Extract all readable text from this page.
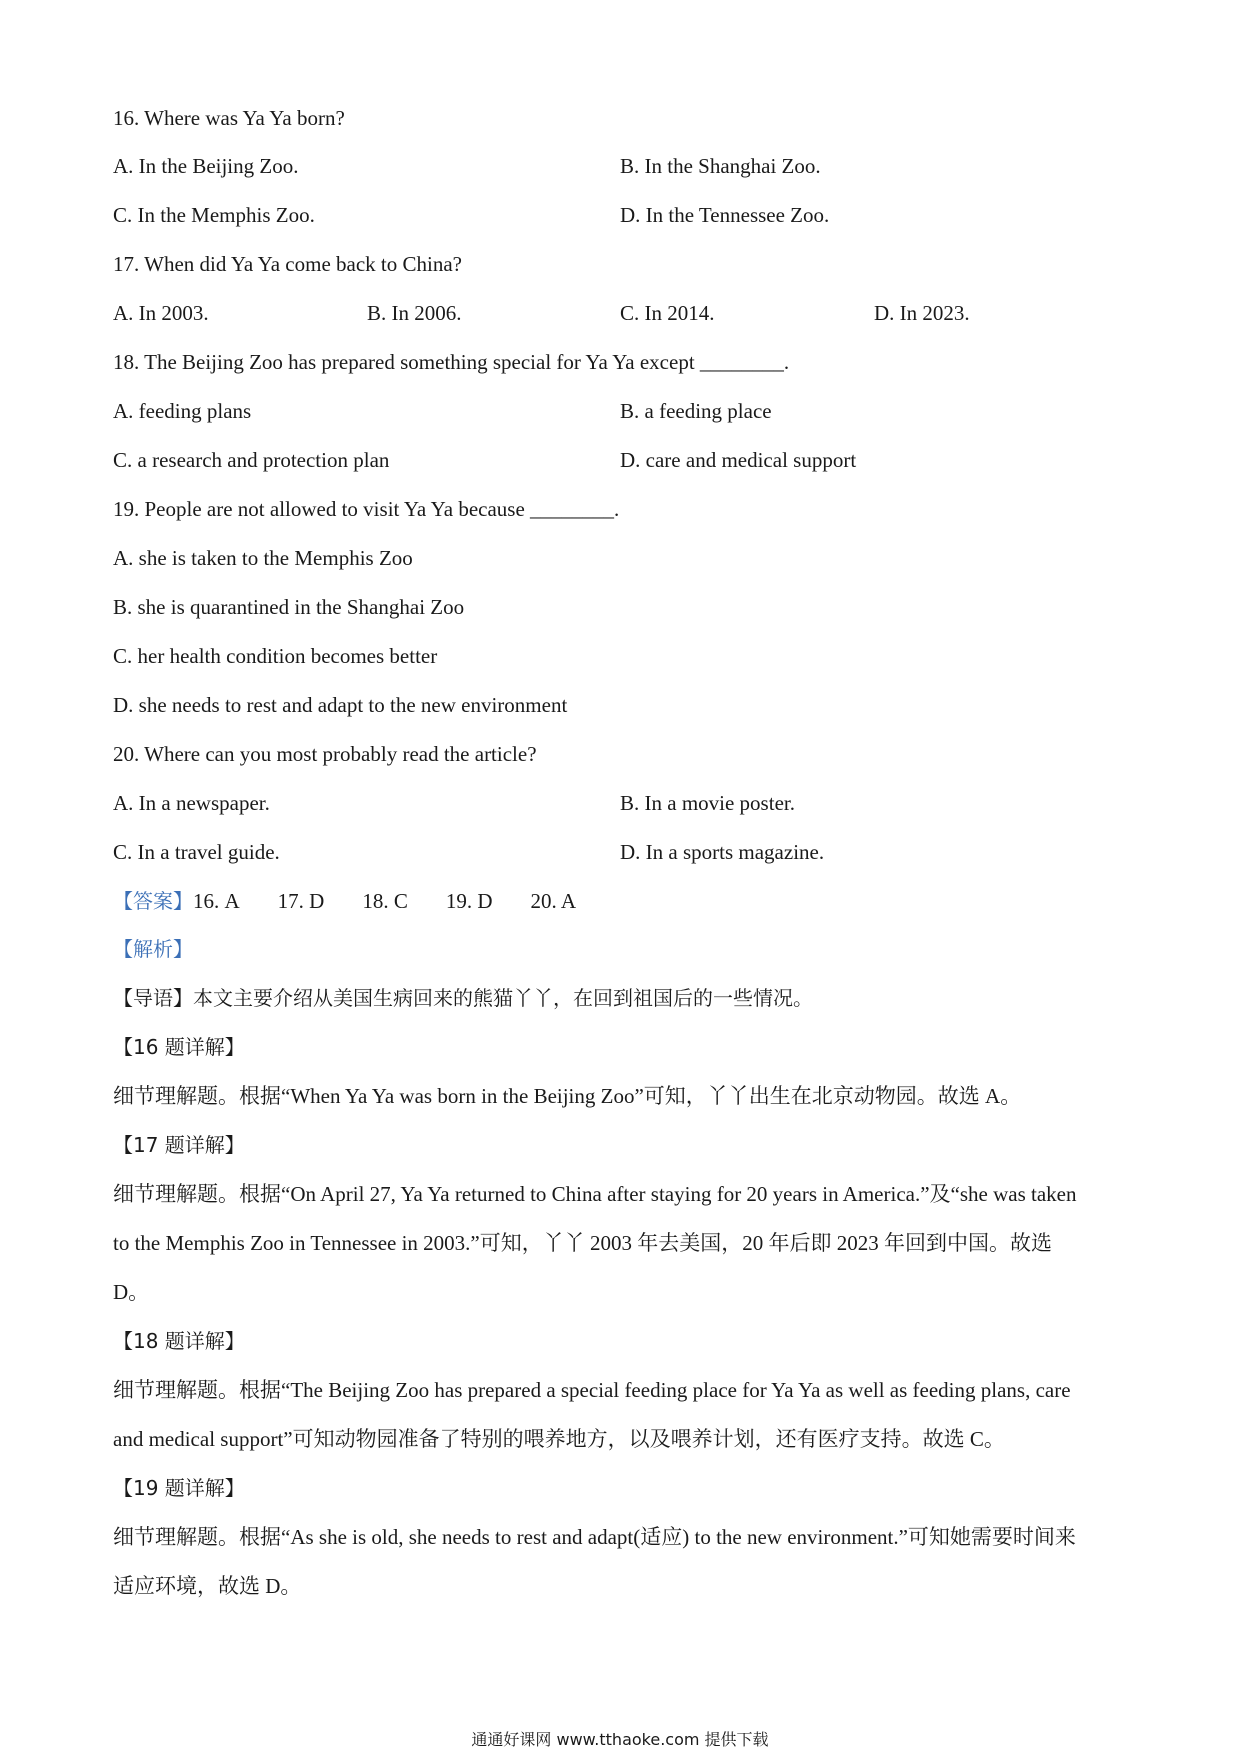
16. Where was Ya Ya born?
A. In the Beijing Zoo.	B. In the Shanghai Zoo.
C. In the Memphis Zoo.	D. In the Tennessee Zoo.
17. When did Ya Ya come back to China?
A. In 2003.	B. In 2006.	C. In 2014.	D. In 2023.
18. The Beijing Zoo has prepared something special for Ya Ya except ________.
A. feeding plans	B. a feeding place
C. a research and protection plan	D. care and medical support
19. People are not allowed to visit Ya Ya because ________.
A. she is taken to the Memphis Zoo
B. she is quarantined in the Shanghai Zoo
C. her health condition becomes better
D. she needs to rest and adapt to the new environment
20. Where can you most probably read the article?
A. In a newspaper.	B. In a movie poster.
C. In a travel guide.	D. In a sports magazine.
【答案】16. A 17. D 18. C 19. D 20. A
【解析】
【导语】本文主要介绍从美国生病回来的熊猫丫丫，在回到祖国后的一些情况。
【16 题详解】
细节理解题。根据“When Ya Ya was born in the Beijing Zoo”可知，丫丫出生在北京动物园。故选 A。
【17 题详解】
细节理解题。根据“On April 27, Ya Ya returned to China after staying for 20 years in America.”及“she was taken
to the Memphis Zoo in Tennessee in 2003.”可知，丫丫 2003 年去美国，20 年后即 2023 年回到中国。故选
D。
【18 题详解】
细节理解题。根据“The Beijing Zoo has prepared a special feeding place for Ya Ya as well as feeding plans, care
and medical support”可知动物园准备了特别的喂养地方，以及喂养计划，还有医疗支持。故选 C。
【19 题详解】
细节理解题。根据“As she is old, she needs to rest and adapt(适应) to the new environment.”可知她需要时间来
适应环境，故选 D。
通通好课网 www.tthaoke.com 提供下载
